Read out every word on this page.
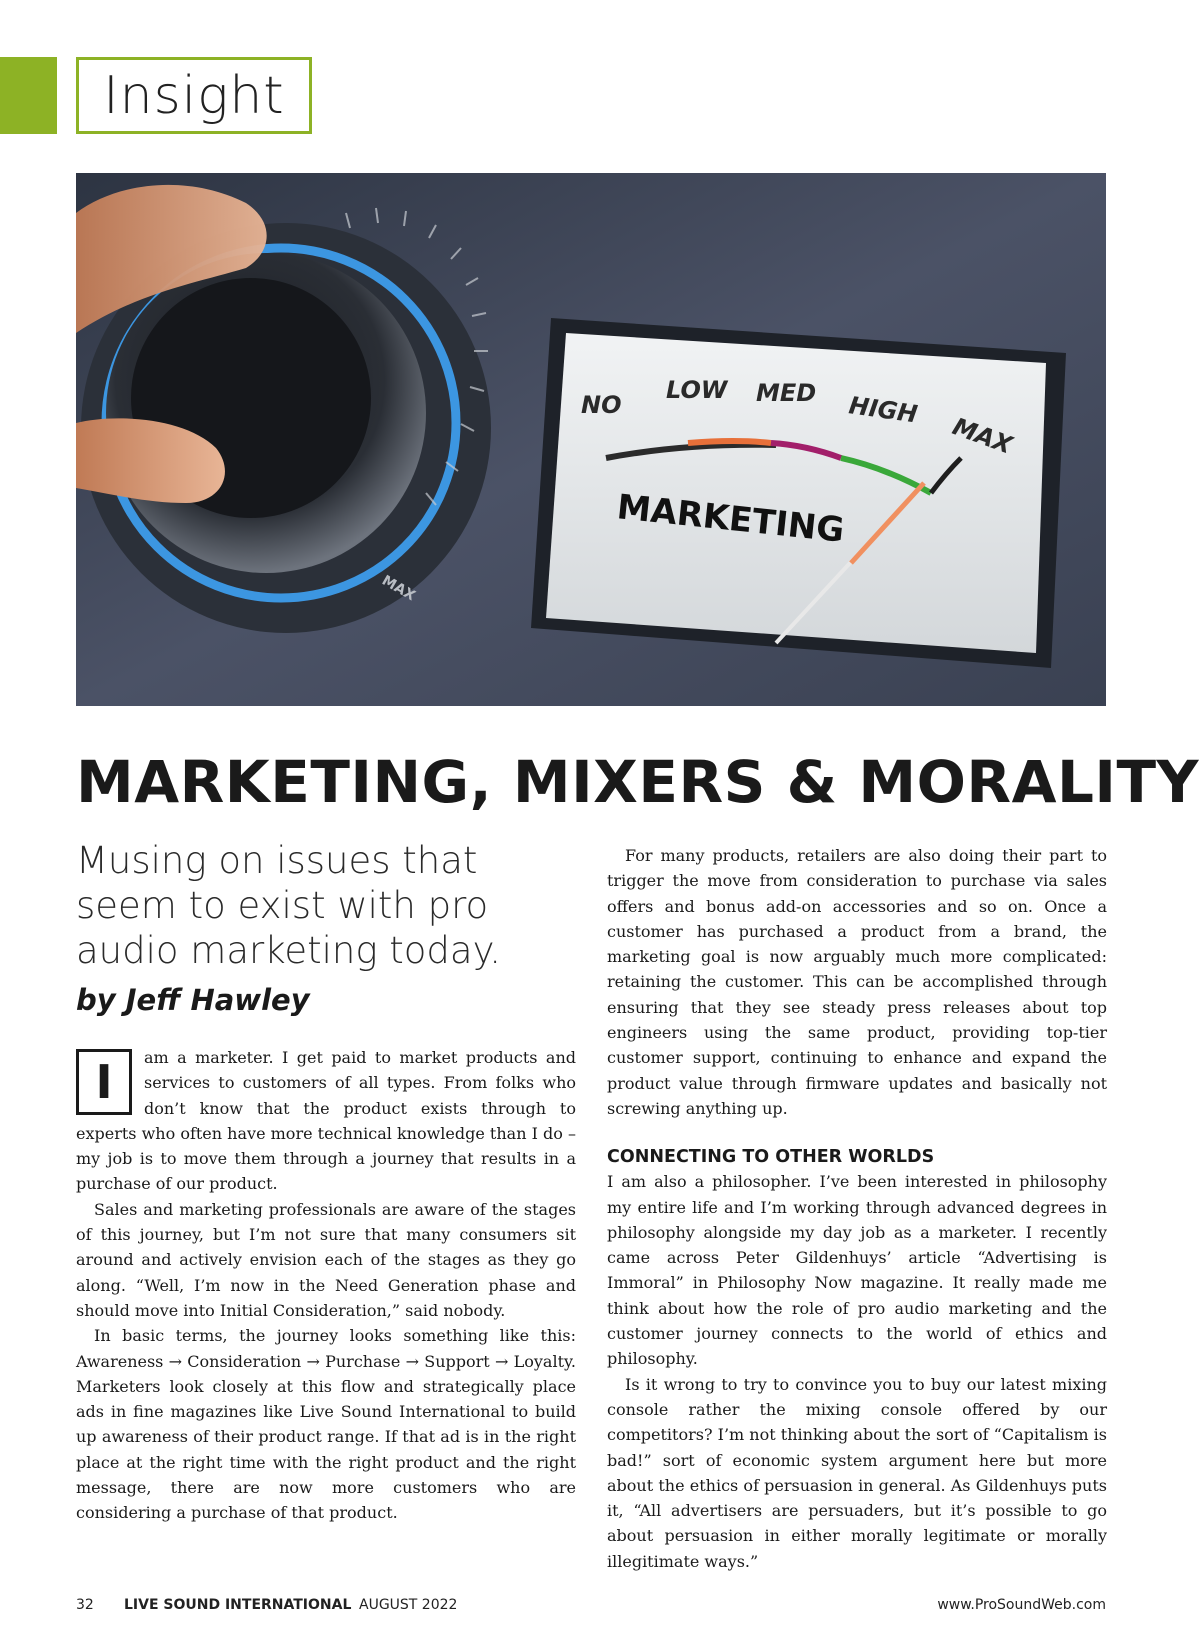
Insight
MAX
NO
LOW MED HIGH
MAX
MARKETING
MARKETING, MIXERS & MORALITY

Musing on issues that seem to exist with pro audio marketing today.

by Jeff Hawley

I	am a marketer. I get paid to market products and services to customers of all types. From folks who don’t know that the product exists through to experts who often have more technical knowledge than I do – my job is to move them through a journey that results in a purchase of our product.

Sales and marketing professionals are aware of the stages of this journey, but I’m not sure that many consumers sit around and actively envision each of the stages as they go along. “Well, I’m now in the Need Generation phase and should move into Initial Consideration,” said nobody.

In basic terms, the journey looks something like this: Awareness → Consideration → Purchase → Support → Loyalty. Marketers look closely at this flow and strategically place ads in fine magazines like Live Sound International to build up awareness of their product range. If that ad is in the right place at the right time with the right product and the right message, there are now more customers who are considering a purchase of that product.

For many products, retailers are also doing their part to trigger the move from consideration to purchase via sales offers and bonus add-on accessories and so on. Once a customer has purchased a product from a brand, the marketing goal is now arguably much more complicated: retaining the customer. This can be accomplished through ensuring that they see steady press releases about top engineers using the same product, providing top-tier customer support, continuing to enhance and expand the product value through firmware updates and basically not screwing anything up.

CONNECTING TO OTHER WORLDS

I am also a philosopher. I’ve been interested in philosophy my entire life and I’m working through advanced degrees in philosophy alongside my day job as a marketer. I recently came across Peter Gildenhuys’ article “Advertising is Immoral” in Philosophy Now magazine. It really made me think about how the role of pro audio marketing and the customer journey connects to the world of ethics and philosophy.

Is it wrong to try to convince you to buy our latest mixing console rather the mixing console offered by our competitors? I’m not thinking about the sort of “Capitalism is bad!” sort of economic system argument here but more about the ethics of persuasion in general. As Gildenhuys puts it, “All advertisers are persuaders, but it’s possible to go about persuasion in either morally legitimate or morally illegitimate ways.”

32 LIVE SOUND INTERNATIONAL AUGUST 2022	www.ProSoundWeb.com
